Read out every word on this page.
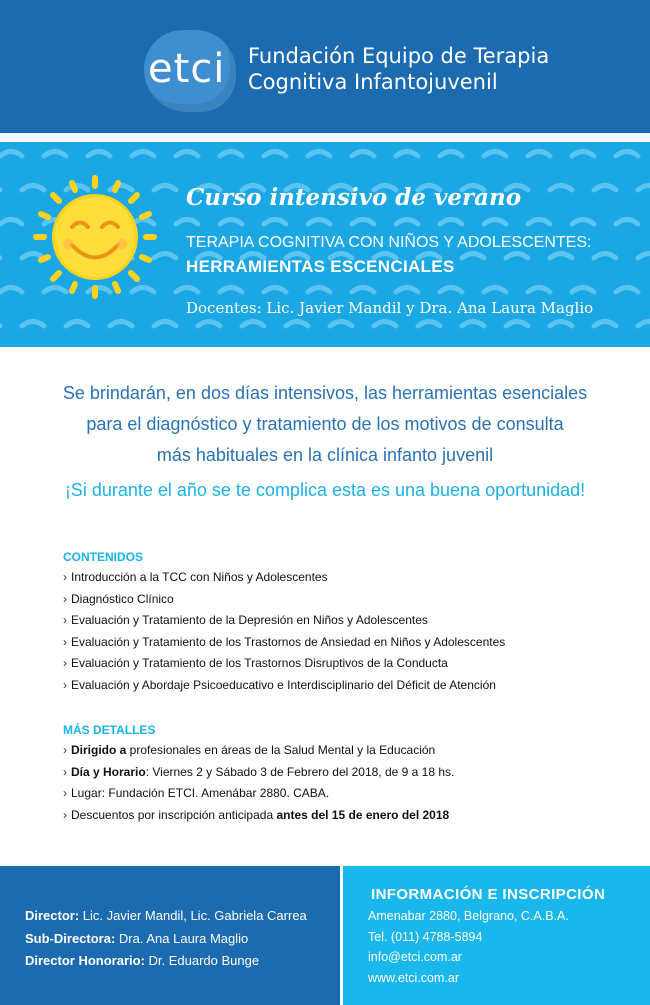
etci Fundación Equipo de Terapia
Cognitiva Infantojuvenil
Curso intensivo de verano
TERAPIA COGNITIVA CON NIÑOS Y ADOLESCENTES:
HERRAMIENTAS ESCENCIALES
Docentes: Lic. Javier Mandil y Dra. Ana Laura Maglio
Se brindarán, en dos días intensivos, las herramientas esenciales
para el diagnóstico y tratamiento de los motivos de consulta
más habituales en la clínica infanto juvenil
¡Si durante el año se te complica esta es una buena oportunidad!
CONTENIDOS
› Introducción a la TCC con Niños y Adolescentes
› Diagnóstico Clínico
› Evaluación y Tratamiento de la Depresión en Niños y Adolescentes
› Evaluación y Tratamiento de los Trastornos de Ansiedad en Niños y Adolescentes
› Evaluación y Tratamiento de los Trastornos Disruptivos de la Conducta
› Evaluación y Abordaje Psicoeducativo e Interdisciplinario del Déficit de Atención
MÁS DETALLES
› Dirigido a profesionales en áreas de la Salud Mental y la Educación
› Día y Horario: Viernes 2 y Sábado 3 de Febrero del 2018, de 9 a 18 hs.
› Lugar: Fundación ETCI. Amenábar 2880. CABA.
› Descuentos por inscripción anticipada antes del 15 de enero del 2018
Director: Lic. Javier Mandil, Lic. Gabriela Carrea
Sub-Directora: Dra. Ana Laura Maglio
Director Honorario: Dr. Eduardo Bunge
INFORMACIÓN E INSCRIPCIÓN
Amenabar 2880, Belgrano, C.A.B.A.
Tel. (011) 4788-5894
info@etci.com.ar
www.etci.com.ar
